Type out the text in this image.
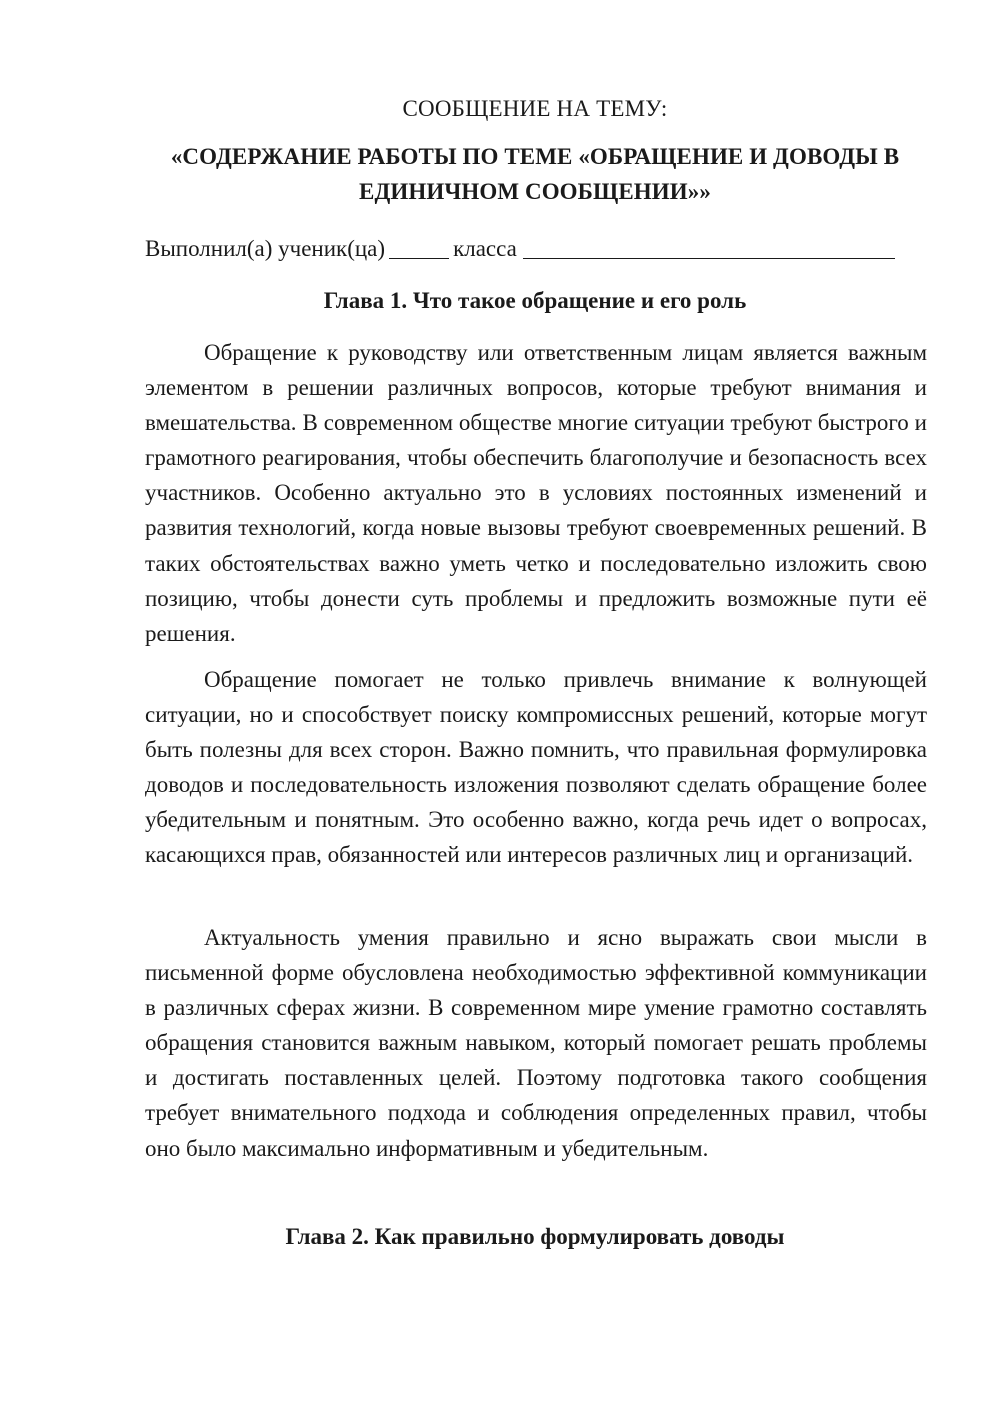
СООБЩЕНИЕ НА ТЕМУ:
«СОДЕРЖАНИЕ РАБОТЫ ПО ТЕМЕ «ОБРАЩЕНИЕ И ДОВОДЫ В
ЕДИНИЧНОМ СООБЩЕНИИ»»
Выполнил(а) ученик(ца)	класса
Глава 1. Что такое обращение и его роль

Обращение к руководству или ответственным лицам является важным элементом в решении различных вопросов, которые требуют внимания и вмешательства. В современном обществе многие ситуации требуют быстрого и грамотного реагирования, чтобы обеспечить благополучие и безопасность всех участников. Особенно актуально это в условиях постоянных изменений и развития технологий, когда новые вызовы требуют своевременных решений. В таких обстоятельствах важно уметь четко и последовательно изложить свою позицию, чтобы донести суть проблемы и предложить возможные пути её решения.

Обращение помогает не только привлечь внимание к волнующей ситуации, но и способствует поиску компромиссных решений, которые могут быть полезны для всех сторон. Важно помнить, что правильная формулировка доводов и последовательность изложения позволяют сделать обращение более убедительным и понятным. Это особенно важно, когда речь идет о вопросах, касающихся прав, обязанностей или интересов различных лиц и организаций.

Актуальность умения правильно и ясно выражать свои мысли в письменной форме обусловлена необходимостью эффективной коммуникации в различных сферах жизни. В современном мире умение грамотно составлять обращения становится важным навыком, который помогает решать проблемы и достигать поставленных целей. Поэтому подготовка такого сообщения требует внимательного подхода и соблюдения определенных правил, чтобы оно было максимально информативным и убедительным.

Глава 2. Как правильно формулировать доводы
